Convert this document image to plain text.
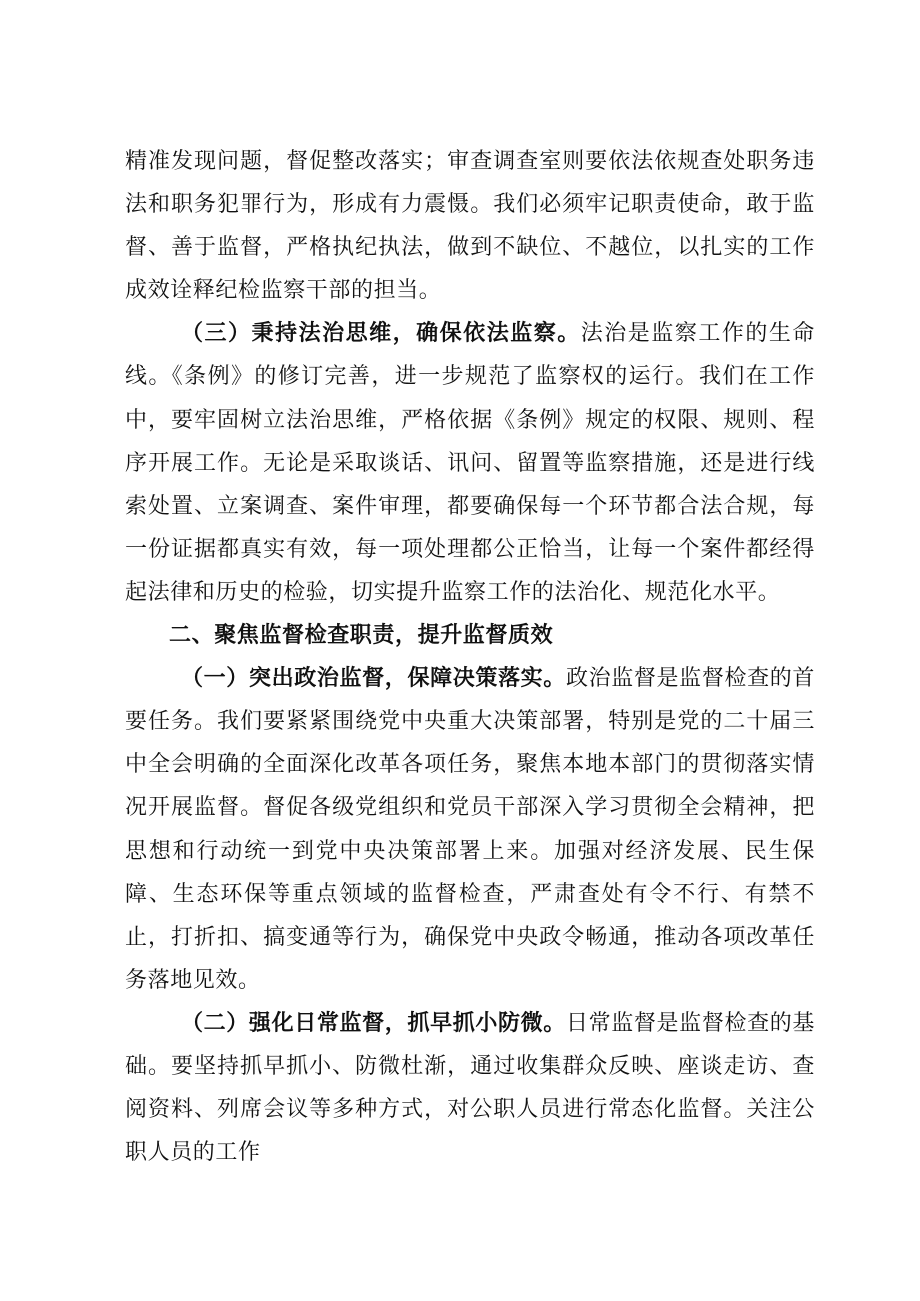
精准发现问题，督促整改落实；审查调查室则要依法依规查处职务违法和职务犯罪行为，形成有力震慑。我们必须牢记职责使命，敢于监督、善于监督，严格执纪执法，做到不缺位、不越位，以扎实的工作成效诠释纪检监察干部的担当。

（三）秉持法治思维，确保依法监察。法治是监察工作的生命线。《条例》的修订完善，进一步规范了监察权的运行。我们在工作中，要牢固树立法治思维，严格依据《条例》规定的权限、规则、程序开展工作。无论是采取谈话、讯问、留置等监察措施，还是进行线索处置、立案调查、案件审理，都要确保每一个环节都合法合规，每一份证据都真实有效，每一项处理都公正恰当，让每一个案件都经得起法律和历史的检验，切实提升监察工作的法治化、规范化水平。

二、聚焦监督检查职责，提升监督质效

（一）突出政治监督，保障决策落实。政治监督是监督检查的首要任务。我们要紧紧围绕党中央重大决策部署，特别是党的二十届三中全会明确的全面深化改革各项任务，聚焦本地本部门的贯彻落实情况开展监督。督促各级党组织和党员干部深入学习贯彻全会精神，把思想和行动统一到党中央决策部署上来。加强对经济发展、民生保障、生态环保等重点领域的监督检查，严肃查处有令不行、有禁不止，打折扣、搞变通等行为，确保党中央政令畅通，推动各项改革任务落地见效。

（二）强化日常监督，抓早抓小防微。日常监督是监督检查的基础。要坚持抓早抓小、防微杜渐，通过收集群众反映、座谈走访、查阅资料、列席会议等多种方式，对公职人员进行常态化监督。关注公职人员的工作
